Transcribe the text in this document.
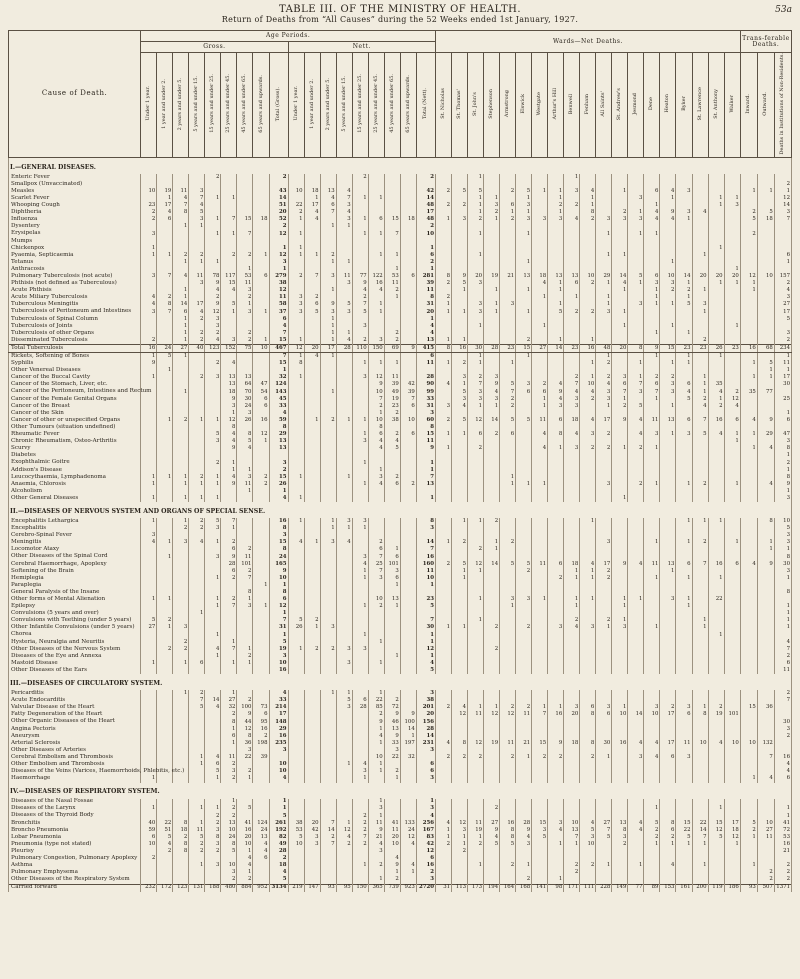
TABLE III. OF THE MINISTRY OF HEALTH.
Return of Deaths from “All Causes” during the 52 Weeks ended 1st January, 1927.
53a
Cause of Death.	Age Periods.																		Wards—Net Deaths.																			Trans-ferable Deaths.		
	Gross.									Nett.																														
	Under 1 year.	1 year and under 2.	2 years and under 5.	5 years and under 15.	15 years and under 25.	25 years and under 45.	45 years and under 65.	65 years and upwards.	Total (Gross).	Under 1 year.	1 year and under 2.	2 years and under 5.	5 years and under 15.	15 years and under 25.	25 years and under 45.	45 years and under 65.	65 years and upwards.	Total (Nett).	St. Nicholas	St. Thomas'	St. John's	Stephenson	Armstrong	Elswick	Westgate	Arthur's Hill	Benwell	Fenham	All Saints'	St. Andrew's	Jesmond	Dene	Heaton	Byker	St. Lawrence	St. Anthony	Walker	Inward.	Outward.	Deaths in Institutions of Non-Residents.
I.—GENERAL DISEASES.																																								
Enteric Fever					2				2					2				2			1						1													
Smallpox (Unvaccinated)																																								2
Measles	10	19	11	3					43	10	18	13	4					42	2	5	5		2	5	1	1	3	4		1		6	4	3				1	1	1
Scarlet Fever		1	4	7	1	1			14		1	4	7	1	1			14			1	1		1		1		1			3		1			1	1			12
Whooping Cough	23	17	7	4					51	22	17	6	3					48	2	2	1	3	6	3		2	2	1				1				1	3			14
Diphtheria	2	4	8	5					20	2	4	7	4					17			1	2	1	1		1		8		2	1	4	9	3	4			2	5	3
Influenza	2	6		3	1	7	15	18	52	1	4		3	1	6	15	18	48	1	3	2	1	2	3	3	3	4	2	3	3	3	4	4	1				5	18	7
Dysentery			1	1					2			1	1					2																						
Erysipelas	3				1	1	7		12	1				1	1	7		10			1			1					1		1	1						2		
Mumps																																								
Chickenpox	1								1	1								1																		1				
Pyaemia, Septicaemia	1	1	2	2		2	2	1	12	1	1	2			1	1		6			1								1	1					1					6
Tetanus			1	1	1				3			1	1					2						1									1							1
Anthracosis							1		1							1		1																			1			
Pulmonary Tuberculosis (not acute)	3	7	4	11	78	117	53	6	279	2	7	3	11	77	122	53	6	281	8	9	20	19	21	13	18	13	13	10	29	14	5	6	10	14	20	20	20	12	10	157
Phthisis (not defined as Tuberculous)				3	9	15	11		38				3	9	16	11		39	2	5	3				4	1	6	2	1	4	1	3	3	1		1	1	1		2
Acute Phthisis			1		4	4	3		12			1		4	4	2		11		1		1		1		1				1		1	2	2	1			1		4
Acute Miliary Tuberculosis	4	2	1		2		2		11	3	2			2		1		8	2						1		1		1			1		1						3
Tuberculous Meningitis	4	8	14	17	9	5	1		58	3	6	9	5	7	1			31	1		3	1	3			1			1		3	1	1	5	3					27
Tuberculosis of Peritoneum and Intestines	3	7	6	4	12	1	3	1	37	3	5	3	3	5	1			20	1	1	3	1		1		5	2	2	3	1					1					17
Tuberculosis of Spinal Column			1	2	3				6			1						1																						5
Tuberculosis of Joints			1		3				4			1		3				4			1				1					1			1				1			
Tuberculosis of other Organs			1	2	2		2		7			1	1			2		4														1		1						3
Disseminated Tuberculosis	2		1	2	4	3	2	1	15	1		1	4	2	3	2		13	1	1				2		1		1							2					2
Total Tuberculosis	16	24	27	40	123	152	75	10	467	12	20	17	28	110	150	69	9	415	8	16	30	28	23	15	27	14	23	16	48	20	8	9	15	23	23	26	23	16	68	234
Rickets, Softening of Bones	1	5	1						7	1	4	1						6			1			1					1			1		1		1				1
Syphilis	9				2	4			15	8				1	1	1		11	1	2	1		1					1	2		1		1	1				1	5	11
Other Venereal Diseases		1							1																														1	1
Cancer of the Buccal Cavity	1			2	3	13	13		32	1				3	12	11		28		3	2	3					2	1	2	3	1	2	2		1			1	1	17
Cancer of the Stomach, Liver, etc.						13	64	47	124						9	39	42	90	4	1	7	9	5	3	2	4	7	10	4	6	7	6	3	6	1	35				30
Cancer of the Peritoneum, Intestines and Rectum			1			18	70	54	143			1			10	49	39	99		5	3	4	7	6	6	9	4	4	3	7	3	7	3	4	1	4	2	35	77	
Cancer of the Female Genital Organs						9	30	6	45						7	19	7	33		3	3	3	2		1	4	3	2	3	1		1		5	2	1	12			25
Cancer of the Breast						3	24	6	33						2	23	6	31	3	4	1	1	2		1	3	3		1	2	5		1		4	2	4			
Cancer of the Skin						1	3		4						1	2		3																						1
Cancer of other or unspecified Organs		1	2	1	1	12	26	16	59		1	2	1	1	10	38	10	60	2	5	12	14	5	5	11	6	18	4	17	9	4	11	13	6	7	16	6	4	9	6
Other Tumours (situation undefined)						8			8						8			8																						
Rheumatic Fever					5	4	8	12	29					1	6	2	6	15	1	1	6	2	6		4	8	4	3	2		4	3	1	3	5	4	1	1	29	47
Chronic Rheumatism, Osteo-Arthritis					3	4	5	1	13					3	4	4		11																			1			3
Scurvy						9	4		13						4	5		9	1		2				4	1	3	2	2	1	2	1						1	4	8
Diabetes																																								1
Exophthalmic Goitre					2	1			3					1				1																						2
Addison's Disease						1	1		2						1			1																						1
Leucocythaemia, Lymphadenoma	1	1	1	2	1	4	3	2	15	1			1		3	2		7					1																	8
Anaemia, Chlorosis	1		1	1	1	9	11	2	26					1	4	6	2	13					1	1	1				3		2	1		1	2		1		4	9
Alcoholism							1		1																															1
Other General Diseases	1		1	1	1				4	1								1												1										3
II.—DISEASES OF NERVOUS SYSTEM AND ORGANS OF SPECIAL SENSE.																																								
Encephalitis Lethargica	1		1	2	5	7			16	1		1	3	3				8		1	1	2						1						1	1	1			8	10
Encephalitis			2	2	3	1			8			1	1	1				3																						5
Cerebro-Spinal Fever	3								3																															3
Meningitis	4	1	3	4	1	2			15	4	1	3	4		2			14	1	2		1	2						3			1		1	2		1		1	3
Locomotor Ataxy						6	2		8						6	1		7			2	1																	1	1
Other Diseases of the Spinal Cord		1			3	9	11		24					3	7	6		16																						8
Cerebral Haemorrhage, Apoplexy						28	101		165					4	25	101		160	2	5	12	14	5	5	11	6	18	4	17	9	4	11	13	6	7	16	6	4	9	30
Softening of the Brain						6	2		9					1	7	3		11		1	1			2			1	1	2				1							3
Hemiplegia					1	2	7		10					1	3	6		10		1						2	1	1	2			1		1		1				1
Paraplegia								1	1							1		1																						
General Paralysis of the Insane							8		8																															8
Other forms of Mental Alienation	1	1			1	2	1		6						10	13		23			1		3	3	1		1	1		1	1		3	1		22				
Epilepsy					1	7	3	1	12					1	2	1		5					1				1			1				1						1
Convulsions (5 years and over)				1					1																															1
Convulsions with Teething (under 5 years)	5	2							7	5	2							7			1						2		2	1					1					1
Other Infantile Convulsions (under 5 years)	27	1	3						31	26	1	3						30	1	1		2		2		3	4	3	1	3		1			1					1
Chorea					1				1					1				1																		1				
Hysteria, Neuralgia and Neuritis			2			1			5						1			1																						4
Other Diseases of the Nervous System		2	2		4	7	1		19	1	2	2	3	3				12				2																		7
Diseases of the Eye and Annexa					1		2		3							1		1																						2
Mastoid Disease	1		1	6		1	1		10				3		1			4																						6
Other Diseases of the Ears									16									5																						11
III.—DISEASES OF CIRCULATORY SYSTEM.																																								
Pericarditis			1	2		1			4			1	1		1			3																						2
Acute Endocarditis				7	14	27	2		33				5	6	22	2		38																						7
Valvular Disease of the Heart				5	4	32	100	73	214				3	28	85	72		201	2	4	1	1	2	2	1	1	3	6	3	1		3	2	3	1	2		15	36	
Fatty Degeneration of the Heart						2	9	6	17						2	9	9	20		12	11	12	12	11	7	16	20	8	6	10	14	10	17	6	8	19	101			
Other Organic Diseases of the Heart						8	44	95	148						9	46	100	156																						30
Angina Pectoris						1	12	16	29						1	13	14	28																						3
Aneurysm						6	8	2	16						4	9	1	14																						2
Arterial Sclerosis						1	36	198	235						1	33	197	231	4	8	12	19	11	21	15	9	18	8	30	16	4	4	17	11	10	4	10	10	132	
Other Diseases of Arteries							3		3							3		3																						
Cerebral Embolism and Thrombosis				1	4	11	22	39							10	22	32		2	2	2		2	1	2	2		2	1		3	4	6	3					7	16
Other Embolism and Thrombosis				1	6	2			10				1	4	1			6																						4
Diseases of the Veins (Varices, Haemorrhoids, Phlebitis, etc.)					5	3	2		10					3	1	2		6																						4
Haemorrhage	1				1	2	1		4					1		1		3																				1	4	6
IV.—DISEASES OF RESPIRATORY SYSTEM.																																								
Diseases of the Nasal Fossae						1			1						1			1																						
Diseases of the Larynx	1			1	1	2	5		1						3			3				2										1				1				1
Diseases of the Thyroid Body					2	2			5					2	1			4																						1
Bronchitis	40	22	8	1	2	13	41	124	261	38	20	7	1	2	11	41	133	256	4	12	11	27	16	28	15	3	10	4	27	13	4	5	8	15	22	15	17	5	10	41
Broncho Pneumonia	59	51	18	11	3	10	16	24	192	53	42	14	12	2	9	11	24	167	1	3	19	9	8	9	3	4	13	5	7	8	4	2	6	22	14	12	18	2	27	72
Lobar Pneumonia	6	5	2	5	8	24	20	13	82	5	3	2	4	7	21	20	12	83	1	1	1	4	8	4	5		7	3	5	3		2	2	5	7	5	12	1	11	53
Pneumonia (type not stated)	10	4	8	2	3	8	10	4	49	10	3	7	2	2	4	10	4	42	2	1	2	5	5	3		1	1	10		2		1	1	1	1		1			16
Pleurisy		2	8	2	2	5	1	4	28						3			12		2																				21
Pulmonary Congestion, Pulmonary Apoplexy	2						4	6	2							4		6																						
Asthma				1	3	10	4		18					1	2	9	4	16			1		2	1			2	2	1		1		4		1			1		2
Pulmonary Emphysema						3	1		4							1	1	2									2												2	2
Other Diseases of the Respiratory System						2	2		5						1	2		3						2		1													2	2
Carried forward	232	172	123	131	188	480	884	952	3134	219	147	93	95	150	365	739	923	2720	31	113	173	194	164	168	141	98	171	111	228	149	77	89	153	161	200	119	186	93	507	1371
